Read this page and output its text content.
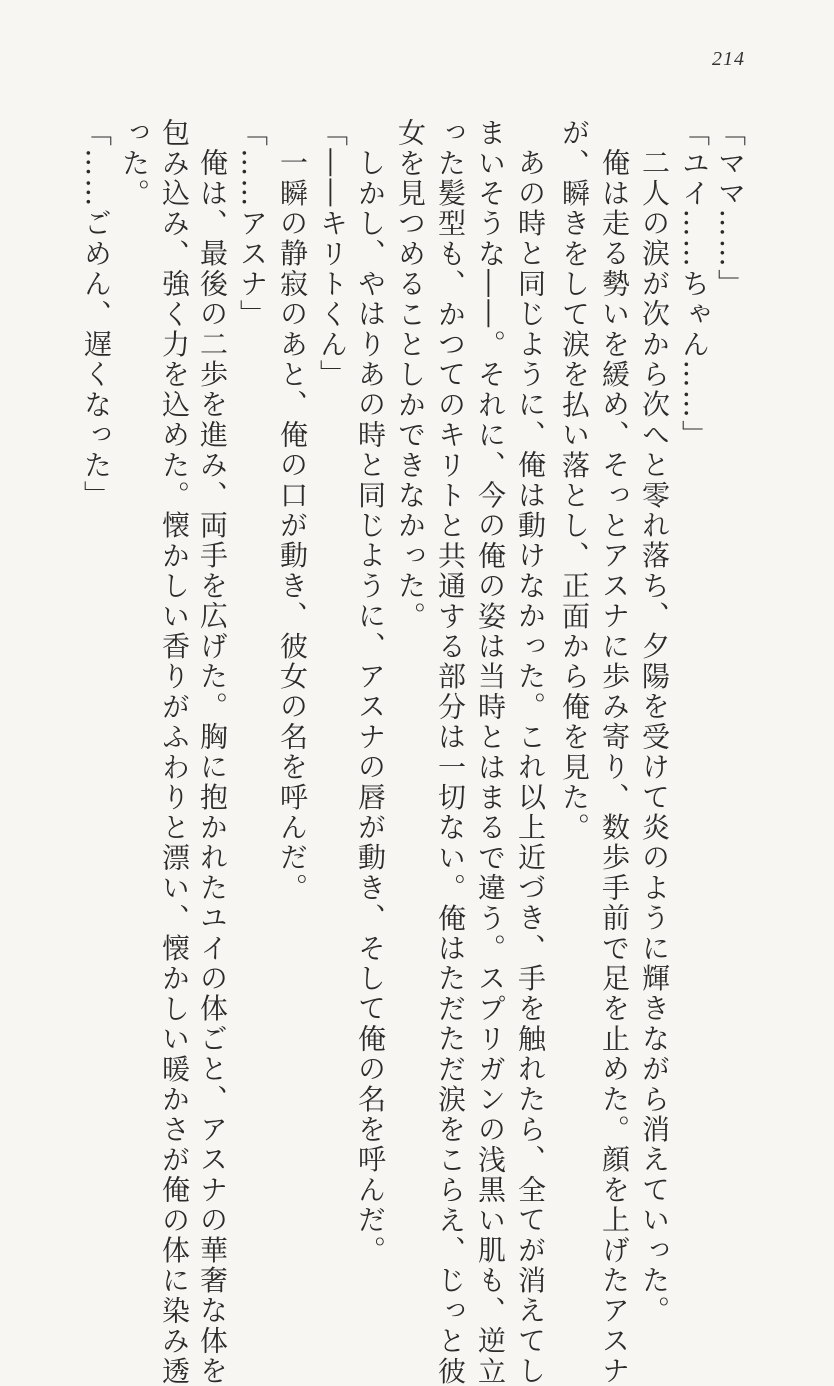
214
「ママ……」
「ユイ……ちゃん……」
二人の涙が次から次へと零れ落ち、夕陽を受けて炎のように輝きながら消えていった。
俺は走る勢いを緩め、そっとアスナに歩み寄り、数歩手前で足を止めた。顔を上げたアスナ
が、瞬きをして涙を払い落とし、正面から俺を見た。
あの時と同じように、俺は動けなかった。これ以上近づき、手を触れたら、全てが消えてし
まいそうな――。それに、今の俺の姿は当時とはまるで違う。スプリガンの浅黒い肌も、逆立
った髪型も、かつてのキリトと共通する部分は一切ない。俺はただただ涙をこらえ、じっと彼
女を見つめることしかできなかった。
しかし、やはりあの時と同じように、アスナの唇が動き、そして俺の名を呼んだ。
「――キリトくん」
一瞬の静寂のあと、俺の口が動き、彼女の名を呼んだ。
「……アスナ」
俺は、最後の二歩を進み、両手を広げた。胸に抱かれたユイの体ごと、アスナの華奢な体を
包み込み、強く力を込めた。懐かしい香りがふわりと漂い、懐かしい暖かさが俺の体に染み透
った。
「……ごめん、遅くなった」
